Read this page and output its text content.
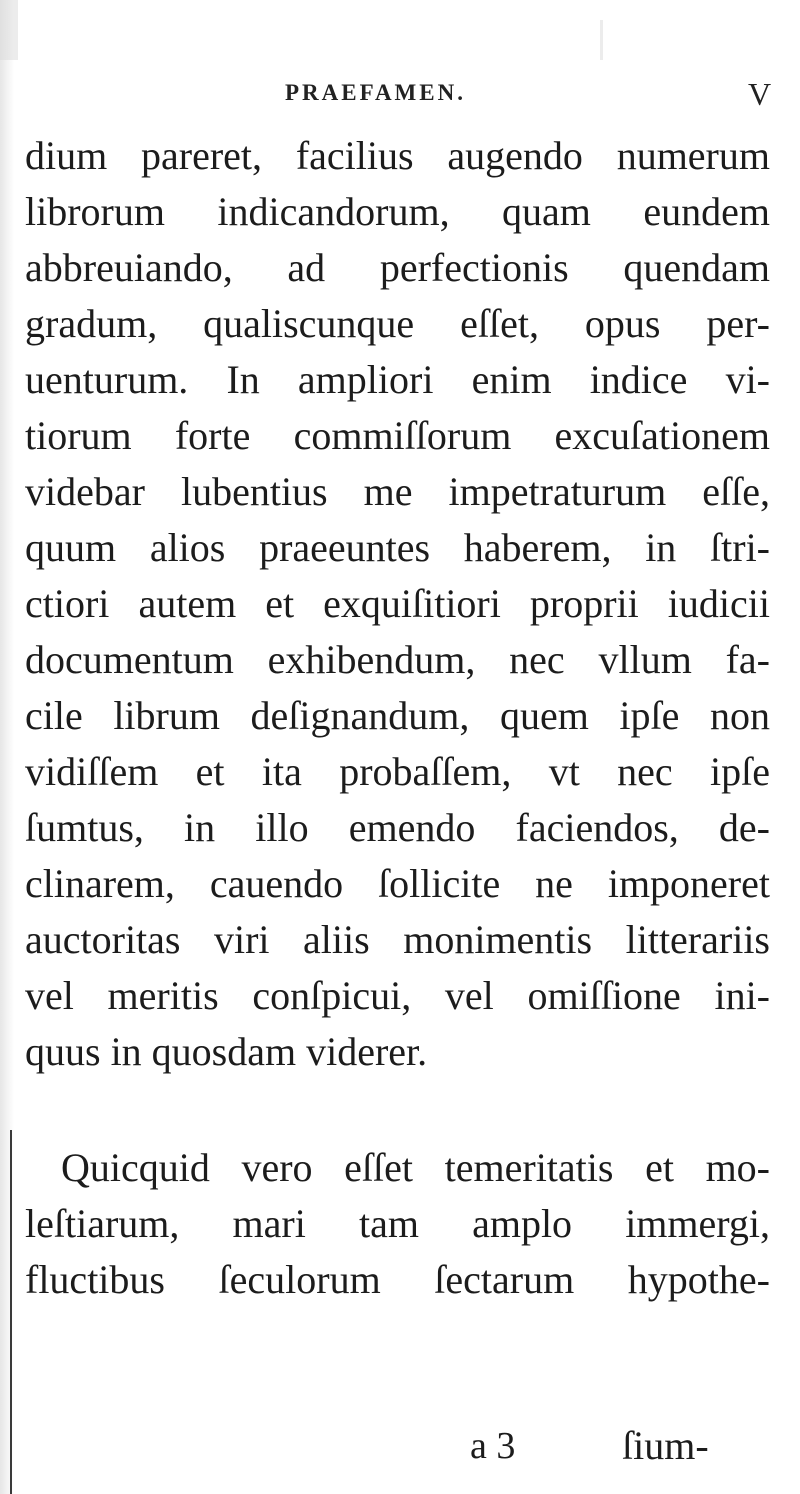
PRAEFAMEN.	V
dium pareret, facilius augendo numerum
librorum indicandorum, quam eundem
abbreuiando, ad perfectionis quendam
gradum, qualiscunque eſſet, opus per-
uenturum. In ampliori enim indice vi-
tiorum forte commiſſorum excuſationem
videbar lubentius me impetraturum eſſe,
quum alios praeeuntes haberem, in ſtri-
ctiori autem et exquiſitiori proprii iudicii
documentum exhibendum, nec vllum fa-
cile librum deſignandum, quem ipſe non
vidiſſem et ita probaſſem, vt nec ipſe
ſumtus, in illo emendo faciendos, de-
clinarem, cauendo ſollicite ne imponeret
auctoritas viri aliis monimentis litterariis
vel meritis conſpicui, vel omiſſione ini-
quus in quosdam viderer.
Quicquid vero eſſet temeritatis et mo-
leſtiarum, mari tam amplo immergi,
fluctibus ſeculorum ſectarum hypothe-
a 3	ſium-
